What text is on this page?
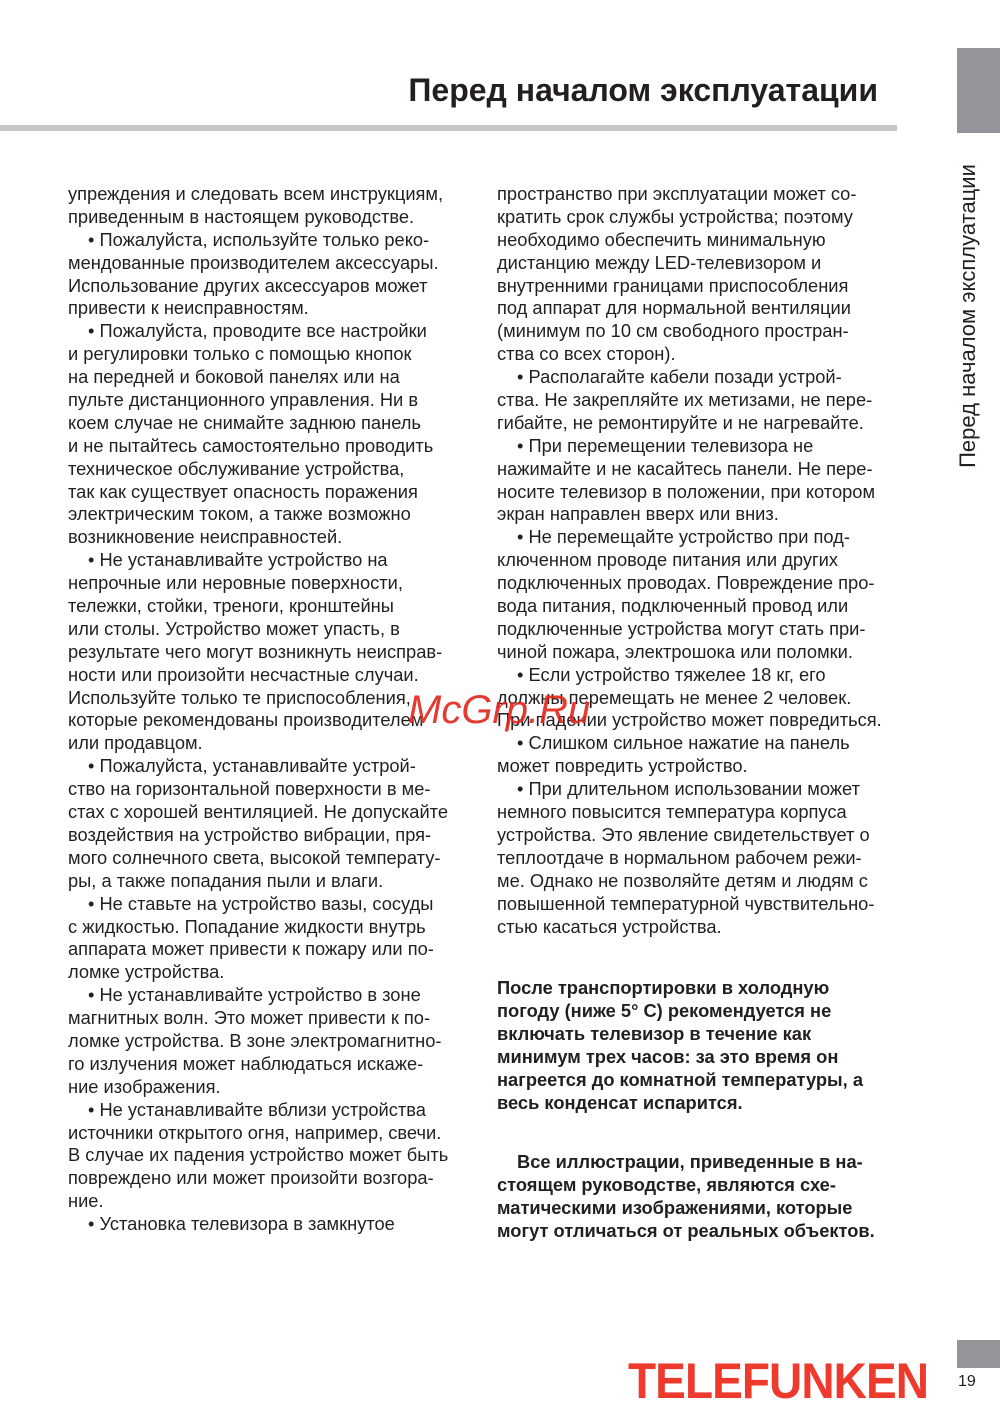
Перед началом эксплуатации
Перед началом эксплуатации
упреждения и следовать всем инструкциям,
приведенным в настоящем руководстве.
• Пожалуйста, используйте только реко-
мендованные производителем аксессуары.
Использование других аксессуаров может
привести к неисправностям.
• Пожалуйста, проводите все настройки
и регулировки только с помощью кнопок
на передней и боковой панелях или на
пульте дистанционного управления. Ни в
коем случае не снимайте заднюю панель
и не пытайтесь самостоятельно проводить
техническое обслуживание устройства,
так как существует опасность поражения
электрическим током, а также возможно
возникновение неисправностей.
• Не устанавливайте устройство на
непрочные или неровные поверхности,
тележки, стойки, треноги, кронштейны
или столы. Устройство может упасть, в
результате чего могут возникнуть неисправ-
ности или произойти несчастные случаи.
Используйте только те приспособления,
которые рекомендованы производителем
или продавцом.
• Пожалуйста, устанавливайте устрой-
ство на горизонтальной поверхности в ме-
стах с хорошей вентиляцией. Не допускайте
воздействия на устройство вибрации, пря-
мого солнечного света, высокой температу-
ры, а также попадания пыли и влаги.
• Не ставьте на устройство вазы, сосуды
с жидкостью. Попадание жидкости внутрь
аппарата может привести к пожару или по-
ломке устройства.
• Не устанавливайте устройство в зоне
магнитных волн. Это может привести к по-
ломке устройства. В зоне электромагнитно-
го излучения может наблюдаться искаже-
ние изображения.
• Не устанавливайте вблизи устройства
источники открытого огня, например, свечи.
В случае их падения устройство может быть
повреждено или может произойти возгора-
ние.
• Установка телевизора в замкнутое
пространство при эксплуатации может со-
кратить срок службы устройства; поэтому
необходимо обеспечить минимальную
дистанцию между LED-телевизором и
внутренними границами приспособления
под аппарат для нормальной вентиляции
(минимум по 10 см свободного простран-
ства со всех сторон).
• Располагайте кабели позади устрой-
ства. Не закрепляйте их метизами, не пере-
гибайте, не ремонтируйте и не нагревайте.
• При перемещении телевизора не
нажимайте и не касайтесь панели. Не пере-
носите телевизор в положении, при котором
экран направлен вверх или вниз.
• Не перемещайте устройство при под-
ключенном проводе питания или других
подключенных проводах. Повреждение про-
вода питания, подключенный провод или
подключенные устройства могут стать при-
чиной пожара, электрошока или поломки.
• Если устройство тяжелее 18 кг, его
должны перемещать не менее 2 человек.
При падении устройство может повредиться.
• Слишком сильное нажатие на панель
может повредить устройство.
• При длительном использовании может
немного повысится температура корпуса
устройства. Это явление свидетельствует о
теплоотдаче в нормальном рабочем режи-
ме. Однако не позволяйте детям и людям с
повышенной температурной чувствительно-
стью касаться устройства.
После транспортировки в холодную
погоду (ниже 5° С) рекомендуется не
включать телевизор в течение как
минимум трех часов: за это время он
нагреется до комнатной температуры, а
весь конденсат испарится.
Все иллюстрации, приведенные в на-
стоящем руководстве, являются схе-
матическими изображениями, которые
могут отличаться от реальных объектов.
McGrp.Ru
TELEFUNKEN 19
